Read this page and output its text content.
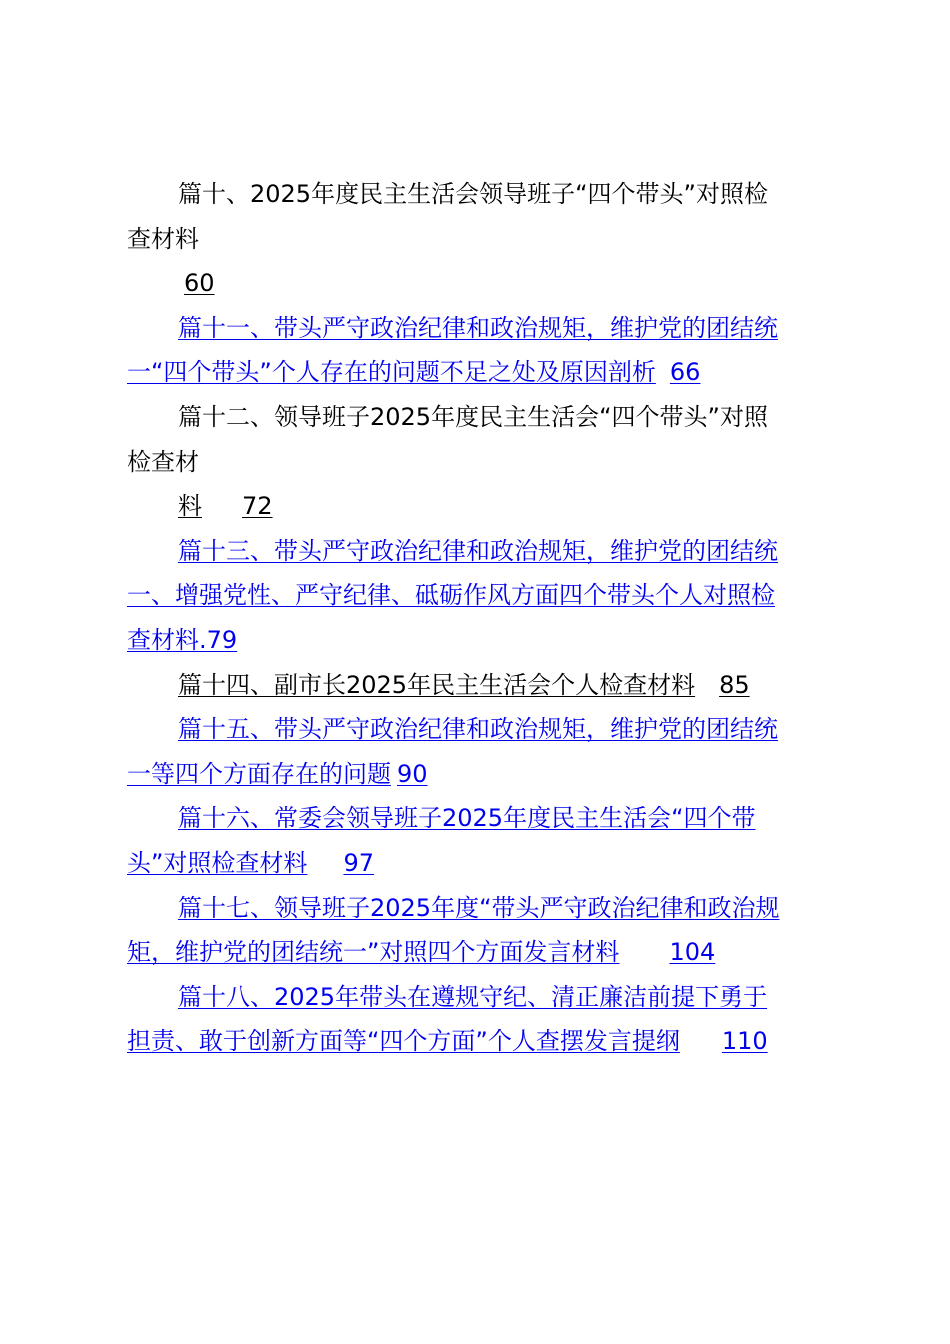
篇十、2025年度民主生活会领导班子“四个带头”对照检
查材料
60
篇十一、带头严守政治纪律和政治规矩，维护党的团结统
一“四个带头”个人存在的问题不足之处及原因剖析 66
篇十二、领导班子2025年度民主生活会“四个带头”对照
检查材
料 72
篇十三、带头严守政治纪律和政治规矩，维护党的团结统
一、增强党性、严守纪律、砥砺作风方面四个带头个人对照检
查材料.79
篇十四、副市长2025年民主生活会个人检查材料 85
篇十五、带头严守政治纪律和政治规矩，维护党的团结统
一等四个方面存在的问题 90
篇十六、常委会领导班子2025年度民主生活会“四个带
头”对照检查材料 97
篇十七、领导班子2025年度“带头严守政治纪律和政治规
矩，维护党的团结统一”对照四个方面发言材料 104
篇十八、2025年带头在遵规守纪、清正廉洁前提下勇于
担责、敢于创新方面等“四个方面”个人查摆发言提纲 110
